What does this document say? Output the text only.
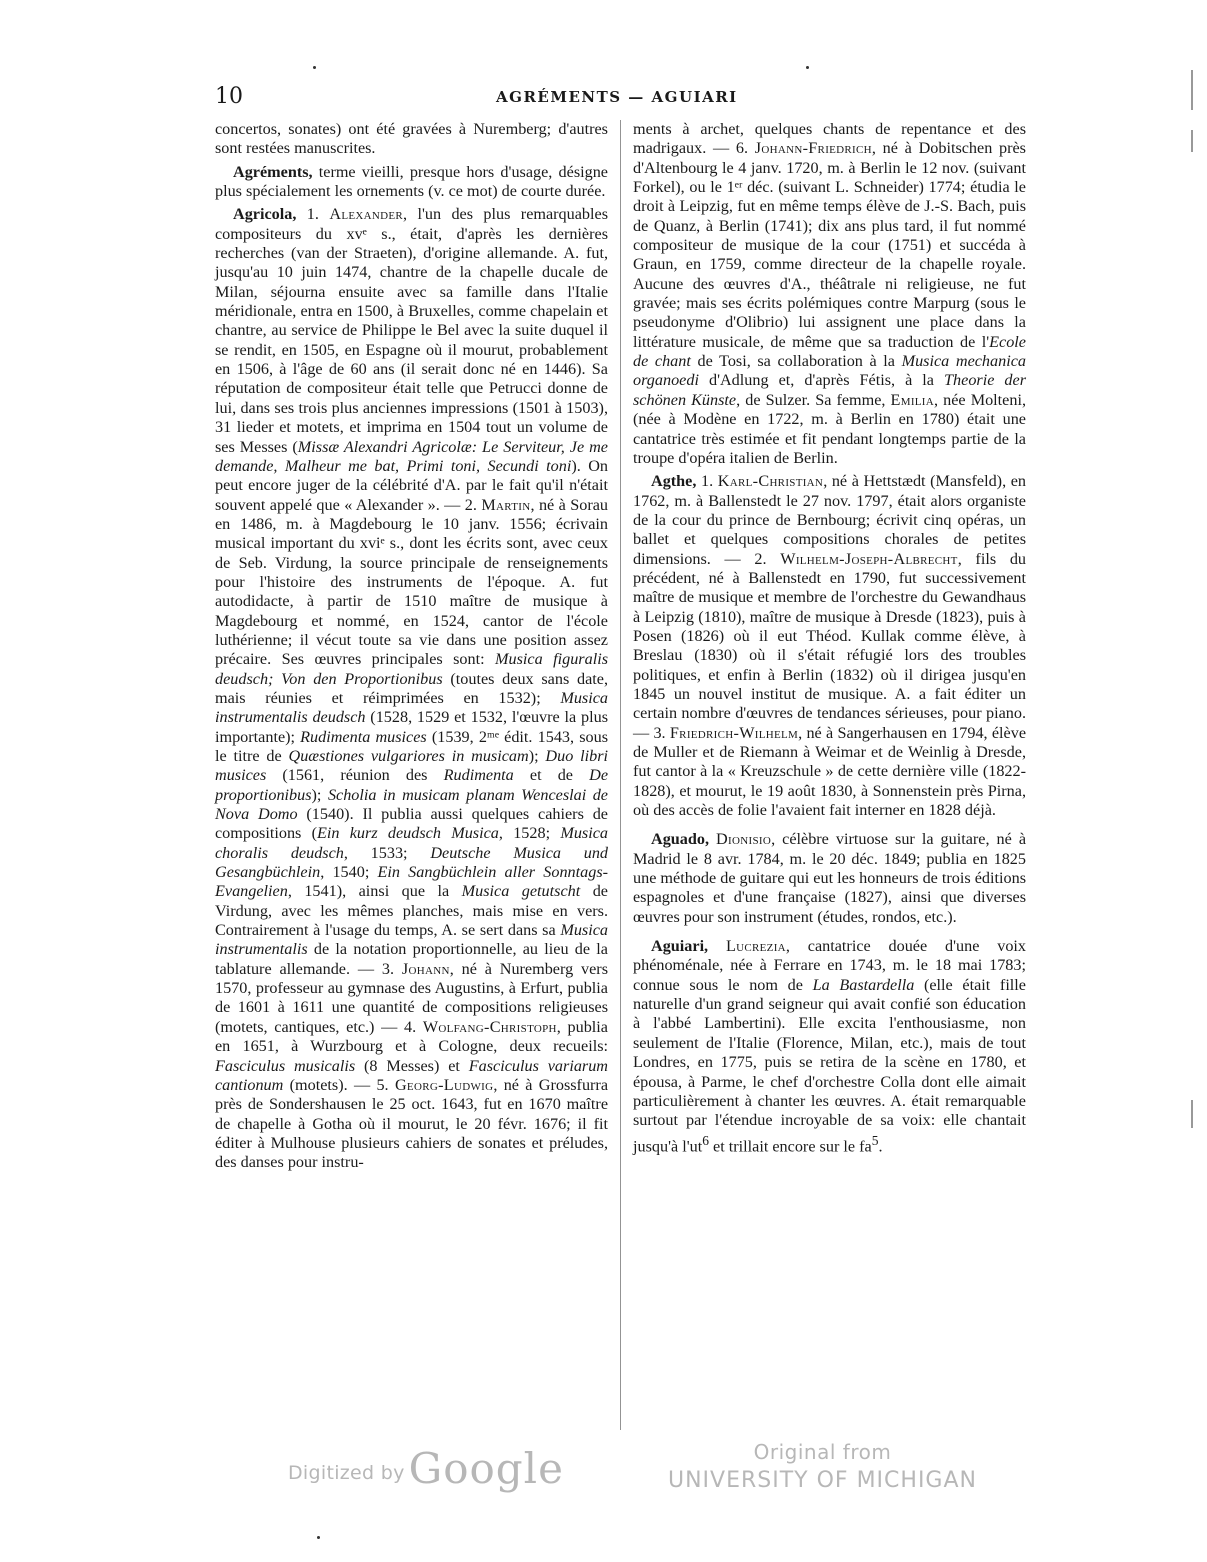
10	AGRÉMENTS — AGUIARI

concertos, sonates) ont été gravées à Nuremberg; d'autres sont restées manuscrites.

Agréments, terme vieilli, presque hors d'usage, désigne plus spécialement les ornements (v. ce mot) de courte durée.

Agricola, 1. Alexander, l'un des plus remarquables compositeurs du xvᵉ s., était, d'après les dernières recherches (van der Straeten), d'origine allemande. A. fut, jusqu'au 10 juin 1474, chantre de la chapelle ducale de Milan, séjourna ensuite avec sa famille dans l'Italie méridionale, entra en 1500, à Bruxelles, comme chapelain et chantre, au service de Philippe le Bel avec la suite duquel il se rendit, en 1505, en Espagne où il mourut, probablement en 1506, à l'âge de 60 ans (il serait donc né en 1446). Sa réputation de compositeur était telle que Petrucci donne de lui, dans ses trois plus anciennes impressions (1501 à 1503), 31 lieder et motets, et imprima en 1504 tout un volume de ses Messes (Missæ Alexandri Agricolæ: Le Serviteur, Je me demande, Malheur me bat, Primi toni, Secundi toni). On peut encore juger de la célébrité d'A. par le fait qu'il n'était souvent appelé que « Alexander ». — 2. Martin, né à Sorau en 1486, m. à Magdebourg le 10 janv. 1556; écrivain musical important du xviᵉ s., dont les écrits sont, avec ceux de Seb. Virdung, la source principale de renseignements pour l'histoire des instruments de l'époque. A. fut autodidacte, à partir de 1510 maître de musique à Magdebourg et nommé, en 1524, cantor de l'école luthérienne; il vécut toute sa vie dans une position assez précaire. Ses œuvres principales sont: Musica figuralis deudsch; Von den Proportionibus (toutes deux sans date, mais réunies et réimprimées en 1532); Musica instrumentalis deudsch (1528, 1529 et 1532, l'œuvre la plus importante); Rudimenta musices (1539, 2ᵐᵉ édit. 1543, sous le titre de Quæstiones vulgariores in musicam); Duo libri musices (1561, réunion des Rudimenta et de De proportionibus); Scholia in musicam planam Wenceslai de Nova Domo (1540). Il publia aussi quelques cahiers de compositions (Ein kurz deudsch Musica, 1528; Musica choralis deudsch, 1533; Deutsche Musica und Gesangbüchlein, 1540; Ein Sangbüchlein aller Sonntags-Evangelien, 1541), ainsi que la Musica getutscht de Virdung, avec les mêmes planches, mais mise en vers. Contrairement à l'usage du temps, A. se sert dans sa Musica instrumentalis de la notation proportionnelle, au lieu de la tablature allemande. — 3. Johann, né à Nuremberg vers 1570, professeur au gymnase des Augustins, à Erfurt, publia de 1601 à 1611 une quantité de compositions religieuses (motets, cantiques, etc.) — 4. Wolfang-Christoph, publia en 1651, à Wurzbourg et à Cologne, deux recueils: Fasciculus musicalis (8 Messes) et Fasciculus variarum cantionum (motets). — 5. Georg-Ludwig, né à Grossfurra près de Sondershausen le 25 oct. 1643, fut en 1670 maître de chapelle à Gotha où il mourut, le 20 févr. 1676; il fit éditer à Mulhouse plusieurs cahiers de sonates et préludes, des danses pour instru-

ments à archet, quelques chants de repentance et des madrigaux. — 6. Johann-Friedrich, né à Dobitschen près d'Altenbourg le 4 janv. 1720, m. à Berlin le 12 nov. (suivant Forkel), ou le 1ᵉʳ déc. (suivant L. Schneider) 1774; étudia le droit à Leipzig, fut en même temps élève de J.-S. Bach, puis de Quanz, à Berlin (1741); dix ans plus tard, il fut nommé compositeur de musique de la cour (1751) et succéda à Graun, en 1759, comme directeur de la chapelle royale. Aucune des œuvres d'A., théâtrale ni religieuse, ne fut gravée; mais ses écrits polémiques contre Marpurg (sous le pseudonyme d'Olibrio) lui assignent une place dans la littérature musicale, de même que sa traduction de l'Ecole de chant de Tosi, sa collaboration à la Musica mechanica organoedi d'Adlung et, d'après Fétis, à la Theorie der schönen Künste, de Sulzer. Sa femme, Emilia, née Molteni, (née à Modène en 1722, m. à Berlin en 1780) était une cantatrice très estimée et fit pendant longtemps partie de la troupe d'opéra italien de Berlin.

Agthe, 1. Karl-Christian, né à Hettstædt (Mansfeld), en 1762, m. à Ballenstedt le 27 nov. 1797, était alors organiste de la cour du prince de Bernbourg; écrivit cinq opéras, un ballet et quelques compositions chorales de petites dimensions. — 2. Wilhelm-Joseph-Albrecht, fils du précédent, né à Ballenstedt en 1790, fut successivement maître de musique et membre de l'orchestre du Gewandhaus à Leipzig (1810), maître de musique à Dresde (1823), puis à Posen (1826) où il eut Théod. Kullak comme élève, à Breslau (1830) où il s'était réfugié lors des troubles politiques, et enfin à Berlin (1832) où il dirigea jusqu'en 1845 un nouvel institut de musique. A. a fait éditer un certain nombre d'œuvres de tendances sérieuses, pour piano. — 3. Friedrich-Wilhelm, né à Sangerhausen en 1794, élève de Muller et de Riemann à Weimar et de Weinlig à Dresde, fut cantor à la « Kreuzschule » de cette dernière ville (1822-1828), et mourut, le 19 août 1830, à Sonnenstein près Pirna, où des accès de folie l'avaient fait interner en 1828 déjà.

Aguado, Dionisio, célèbre virtuose sur la guitare, né à Madrid le 8 avr. 1784, m. le 20 déc. 1849; publia en 1825 une méthode de guitare qui eut les honneurs de trois éditions espagnoles et d'une française (1827), ainsi que diverses œuvres pour son instrument (études, rondos, etc.).

Aguiari, Lucrezia, cantatrice douée d'une voix phénoménale, née à Ferrare en 1743, m. le 18 mai 1783; connue sous le nom de La Bastardella (elle était fille naturelle d'un grand seigneur qui avait confié son éducation à l'abbé Lambertini). Elle excita l'enthousiasme, non seulement de l'Italie (Florence, Milan, etc.), mais de tout Londres, en 1775, puis se retira de la scène en 1780, et épousa, à Parme, le chef d'orchestre Colla dont elle aimait particulièrement à chanter les œuvres. A. était remarquable surtout par l'étendue incroyable de sa voix: elle chantait jusqu'à $l'ut^6$ et trillait encore sur le $fa^5$.

Digitized byGoogle	Original from
UNIVERSITY OF MICHIGAN
